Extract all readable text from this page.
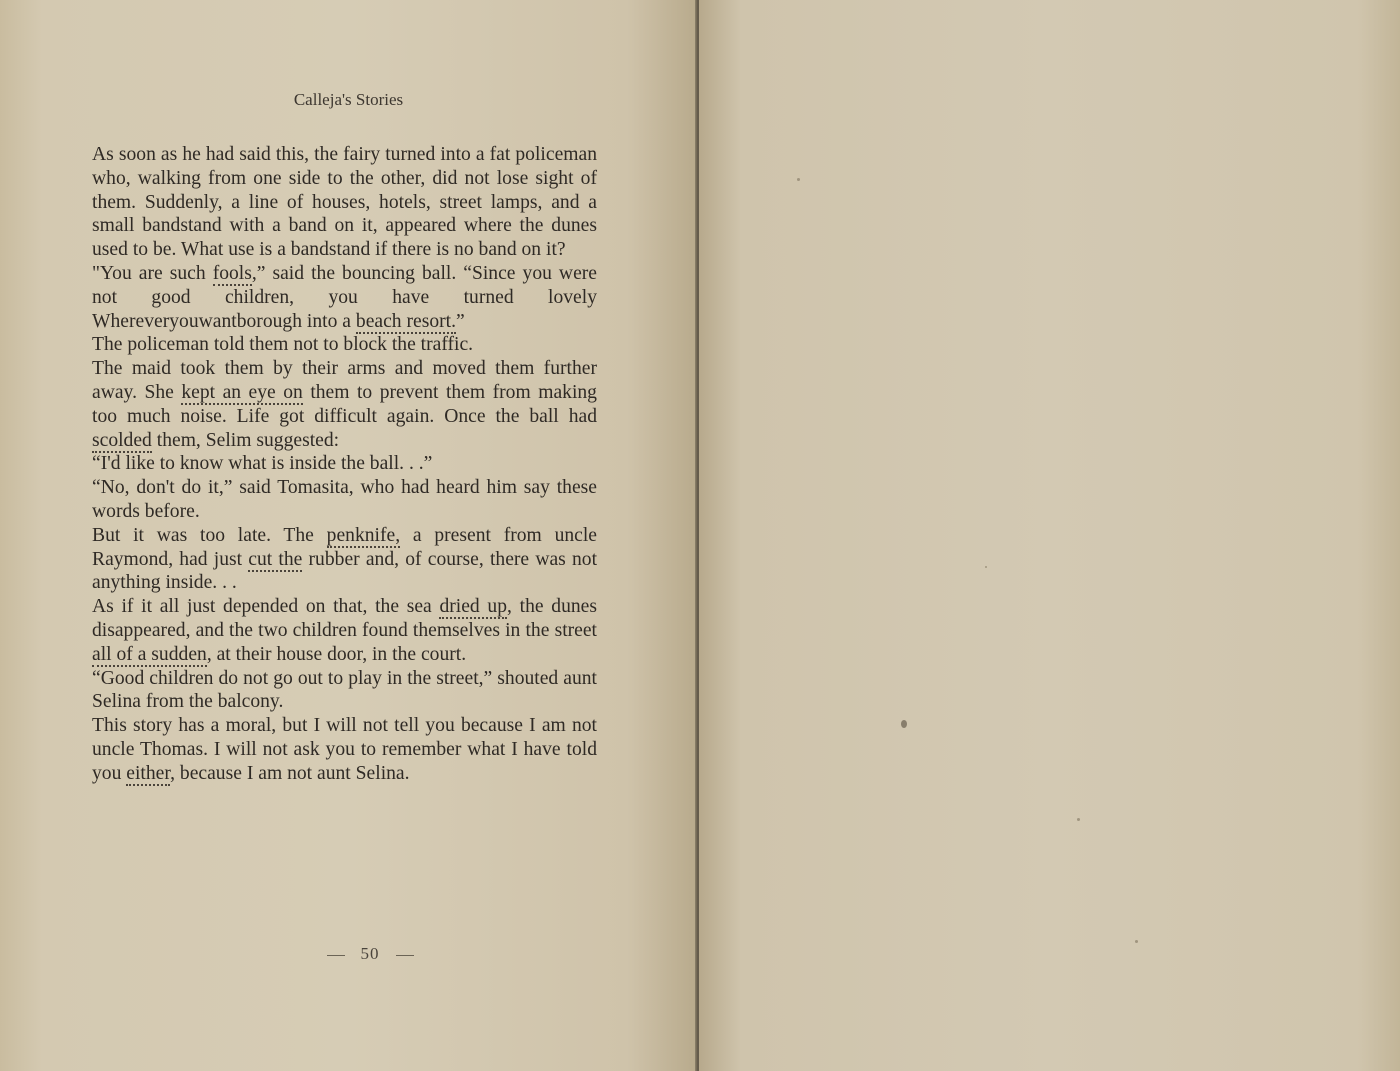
Calleja's Stories

As soon as he had said this, the fairy turned into a fat policeman who, walking from one side to the other, did not lose sight of them. Suddenly, a line of houses, hotels, street lamps, and a small bandstand with a band on it, appeared where the dunes used to be. What use is a bandstand if there is no band on it?

"You are such fools,” said the bouncing ball. “Since you were not good children, you have turned lovely Whereveryouwantborough into a beach resort.”

The policeman told them not to block the traffic.

The maid took them by their arms and moved them further away. She kept an eye on them to prevent them from making too much noise. Life got difficult again. Once the ball had scolded them, Selim suggested:

“I'd like to know what is inside the ball. . .”

“No, don't do it,” said Tomasita, who had heard him say these words before.

But it was too late. The penknife, a present from uncle Raymond, had just cut the rubber and, of course, there was not anything inside. . .

As if it all just depended on that, the sea dried up, the dunes disappeared, and the two children found themselves in the street all of a sudden, at their house door, in the court.

“Good children do not go out to play in the street,” shouted aunt Selina from the balcony.

This story has a moral, but I will not tell you because I am not uncle Thomas. I will not ask you to remember what I have told you either, because I am not aunt Selina.

50
